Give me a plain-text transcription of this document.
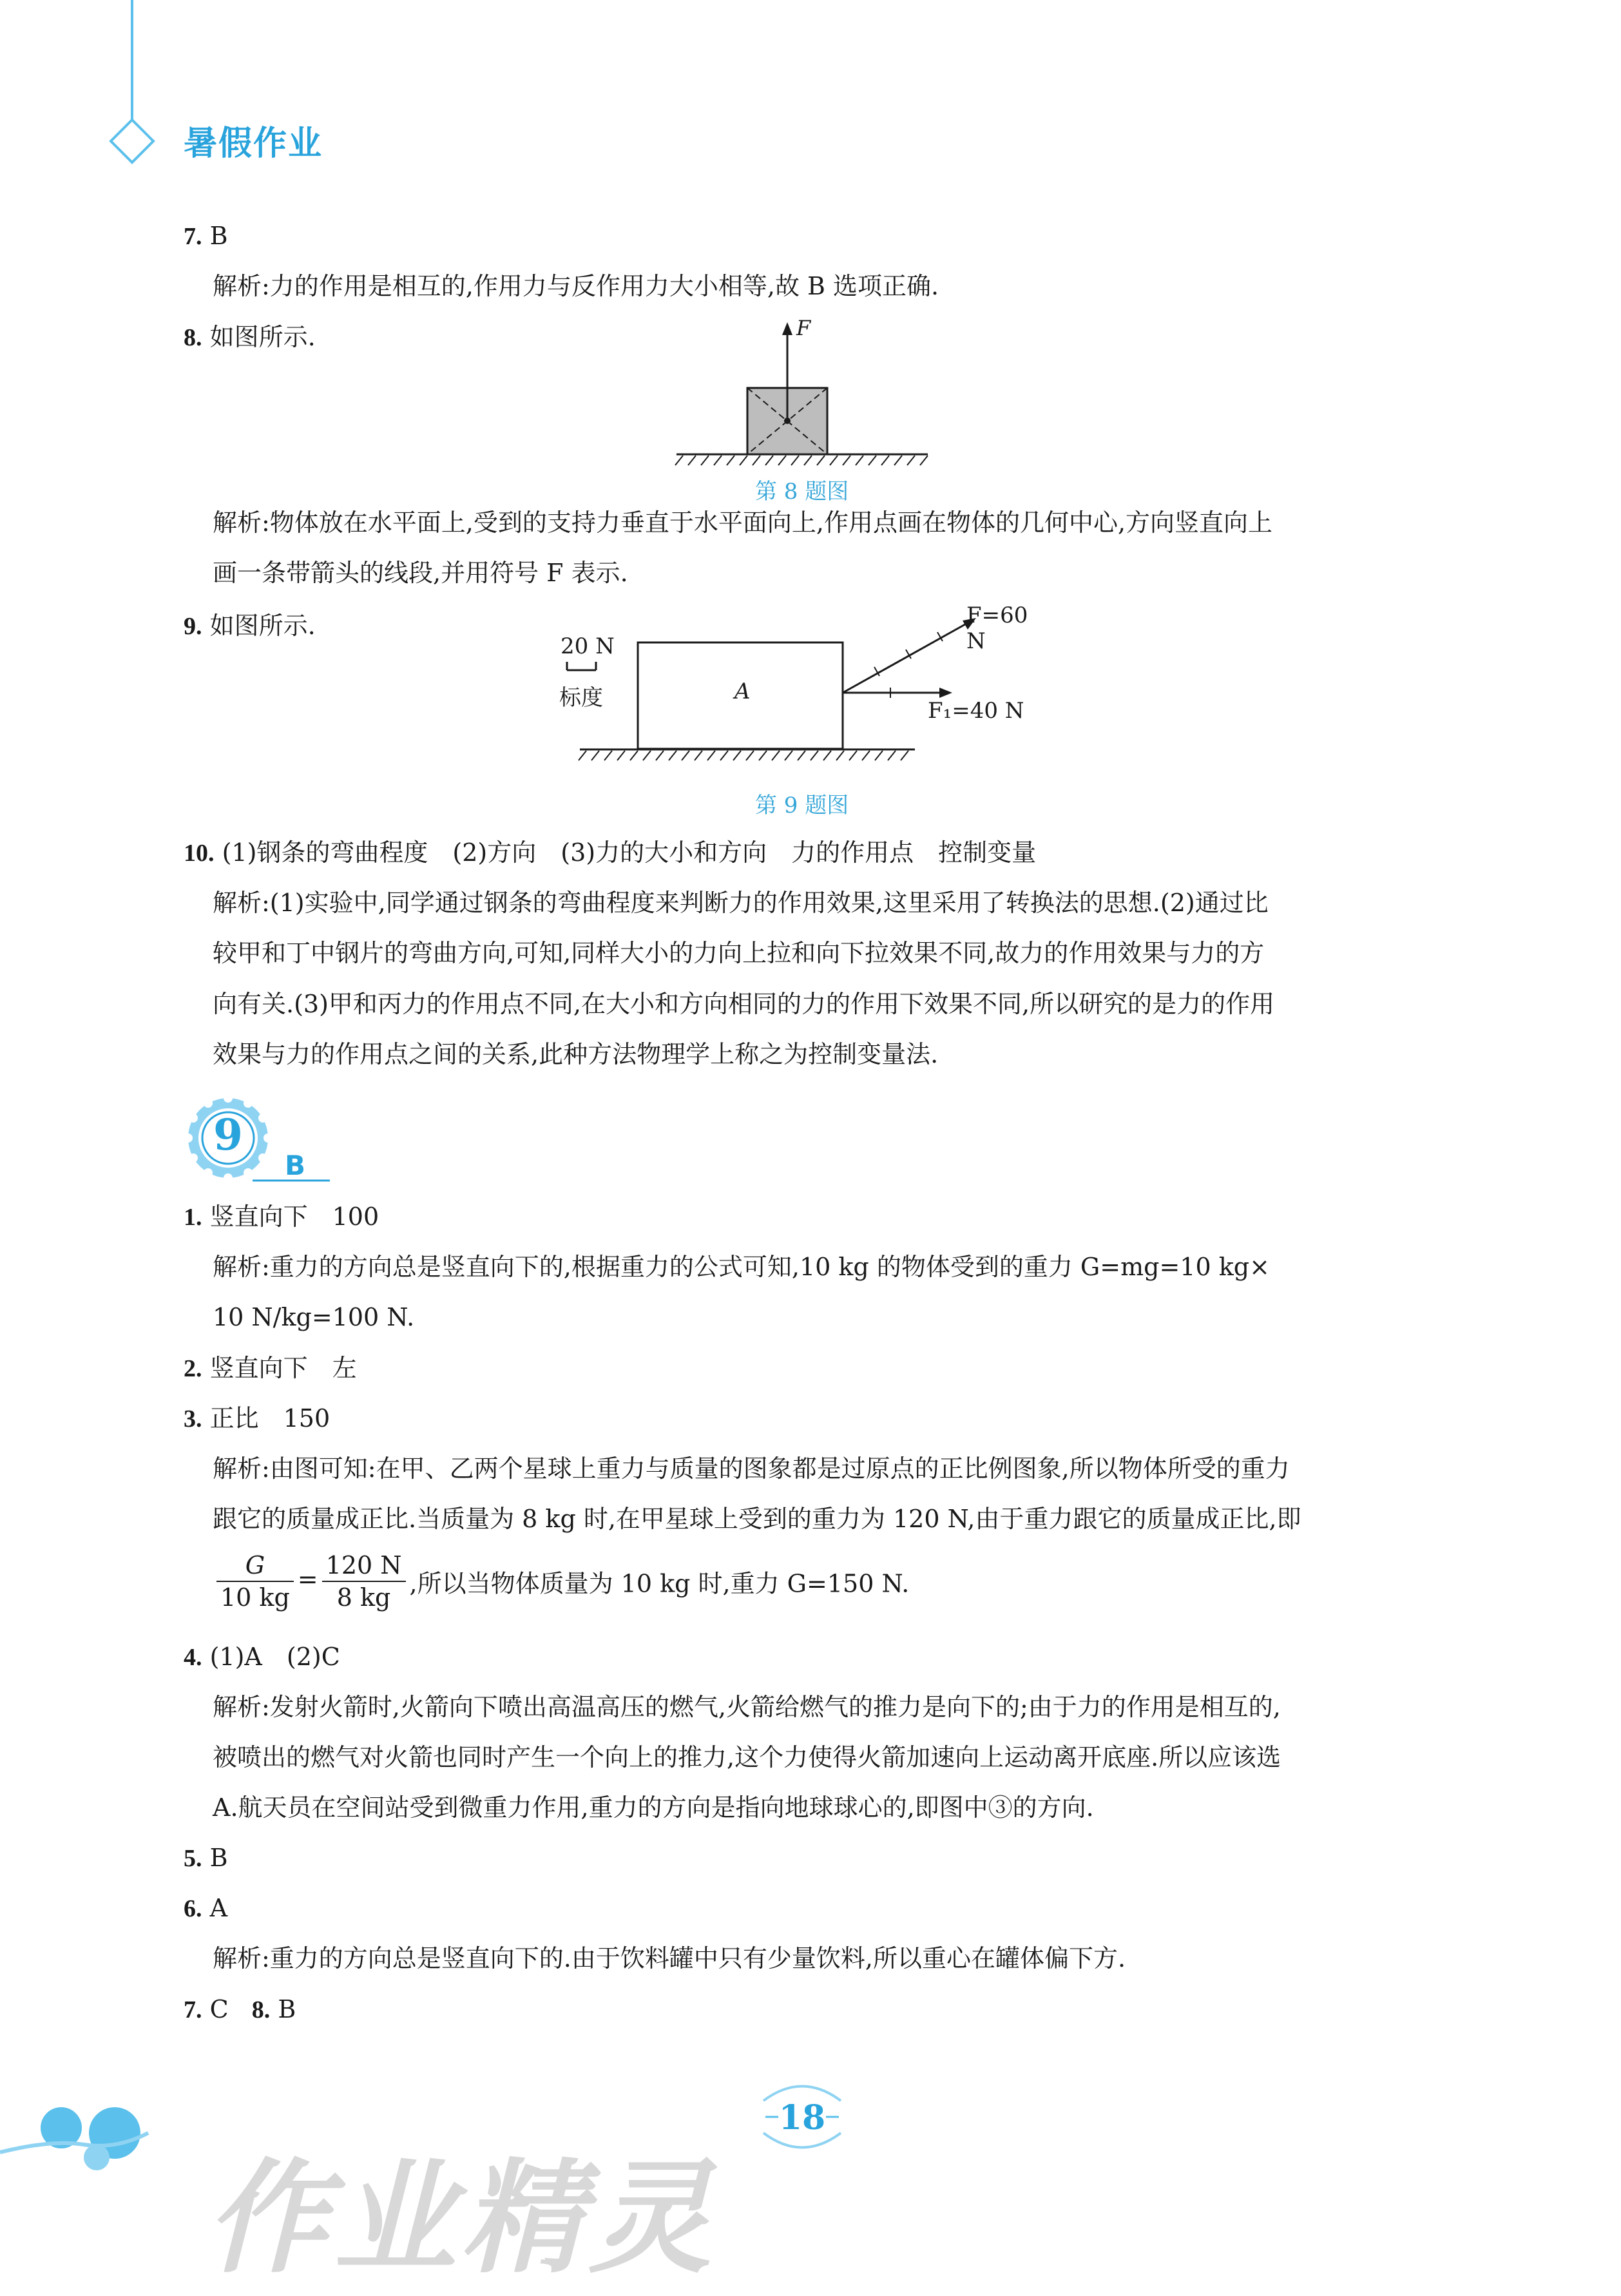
暑假作业
7. B
解析:力的作用是相互的,作用力与反作用力大小相等,故 B 选项正确.
8. 如图所示.	F
第 8 题图
解析:物体放在水平面上,受到的支持力垂直于水平面向上,作用点画在物体的几何中心,方向竖直向上
画一条带箭头的线段,并用符号 F 表示.
9. 如图所示.
20 N
标度	A
F=60 N
F₁=40 N
第 9 题图
10. (1)钢条的弯曲程度　(2)方向　(3)力的大小和方向　力的作用点　控制变量
解析:(1)实验中,同学通过钢条的弯曲程度来判断力的作用效果,这里采用了转换法的思想.(2)通过比
较甲和丁中钢片的弯曲方向,可知,同样大小的力向上拉和向下拉效果不同,故力的作用效果与力的方
向有关.(3)甲和丙力的作用点不同,在大小和方向相同的力的作用下效果不同,所以研究的是力的作用
效果与力的作用点之间的关系,此种方法物理学上称之为控制变量法.
9
B
1. 竖直向下　100
解析:重力的方向总是竖直向下的,根据重力的公式可知,10 kg 的物体受到的重力 G=mg=10 kg×
10 N/kg=100 N.
2. 竖直向下　左
3. 正比　150
解析:由图可知:在甲、乙两个星球上重力与质量的图象都是过原点的正比例图象,所以物体所受的重力
跟它的质量成正比.当质量为 8 kg 时,在甲星球上受到的重力为 120 N,由于重力跟它的质量成正比,即
$\frac{G}{10 kg} = \frac{120 N}{8 kg}$ ,所以当物体质量为 10 kg 时,重力 G=150 N.
4. (1)A　(2)C
解析:发射火箭时,火箭向下喷出高温高压的燃气,火箭给燃气的推力是向下的;由于力的作用是相互的,
被喷出的燃气对火箭也同时产生一个向上的推力,这个力使得火箭加速向上运动离开底座.所以应该选
A.航天员在空间站受到微重力作用,重力的方向是指向地球球心的,即图中③的方向.
5. B
6. A
解析:重力的方向总是竖直向下的.由于饮料罐中只有少量饮料,所以重心在罐体偏下方.
7. C 8. B
18
作业精灵
